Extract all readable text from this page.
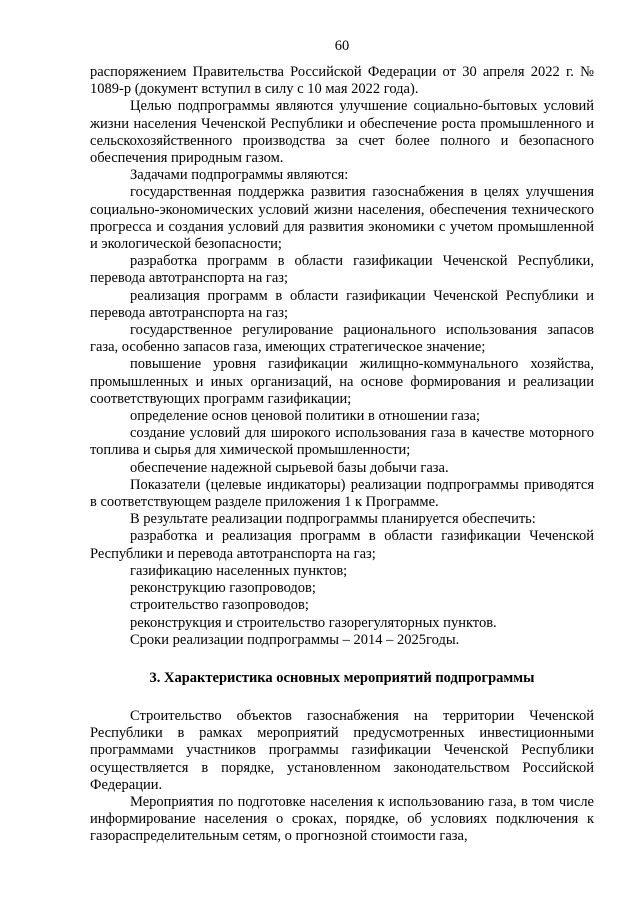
60

распоряжением Правительства Российской Федерации от 30 апреля 2022 г. № 1089-р (документ вступил в силу с 10 мая 2022 года).

Целью подпрограммы являются улучшение социально-бытовых условий жизни населения Чеченской Республики и обеспечение роста промышленного и сельскохозяйственного производства за счет более полного и безопасного обеспечения природным газом.

Задачами подпрограммы являются:

государственная поддержка развития газоснабжения в целях улучшения социально-экономических условий жизни населения, обеспечения технического прогресса и создания условий для развития экономики с учетом промышленной и экологической безопасности;

разработка программ в области газификации Чеченской Республики, перевода автотранспорта на газ;

реализация программ в области газификации Чеченской Республики и перевода автотранспорта на газ;

государственное регулирование рационального использования запасов газа, особенно запасов газа, имеющих стратегическое значение;

повышение уровня газификации жилищно-коммунального хозяйства, промышленных и иных организаций, на основе формирования и реализации соответствующих программ газификации;

определение основ ценовой политики в отношении газа;

создание условий для широкого использования газа в качестве моторного топлива и сырья для химической промышленности;

обеспечение надежной сырьевой базы добычи газа.

Показатели (целевые индикаторы) реализации подпрограммы приводятся в соответствующем разделе приложения 1 к Программе.

В результате реализации подпрограммы планируется обеспечить:

разработка и реализация программ в области газификации Чеченской Республики и перевода автотранспорта на газ;

газификацию населенных пунктов;

реконструкцию газопроводов;

строительство газопроводов;

реконструкция и строительство газорегуляторных пунктов.

Сроки реализации подпрограммы – 2014 – 2025годы.

3. Характеристика основных мероприятий подпрограммы

Строительство объектов газоснабжения на территории Чеченской Республики в рамках мероприятий предусмотренных инвестиционными программами участников программы газификации Чеченской Республики осуществляется в порядке, установленном законодательством Российской Федерации.

Мероприятия по подготовке населения к использованию газа, в том числе информирование населения о сроках, порядке, об условиях подключения к газораспределительным сетям, о прогнозной стоимости газа,
